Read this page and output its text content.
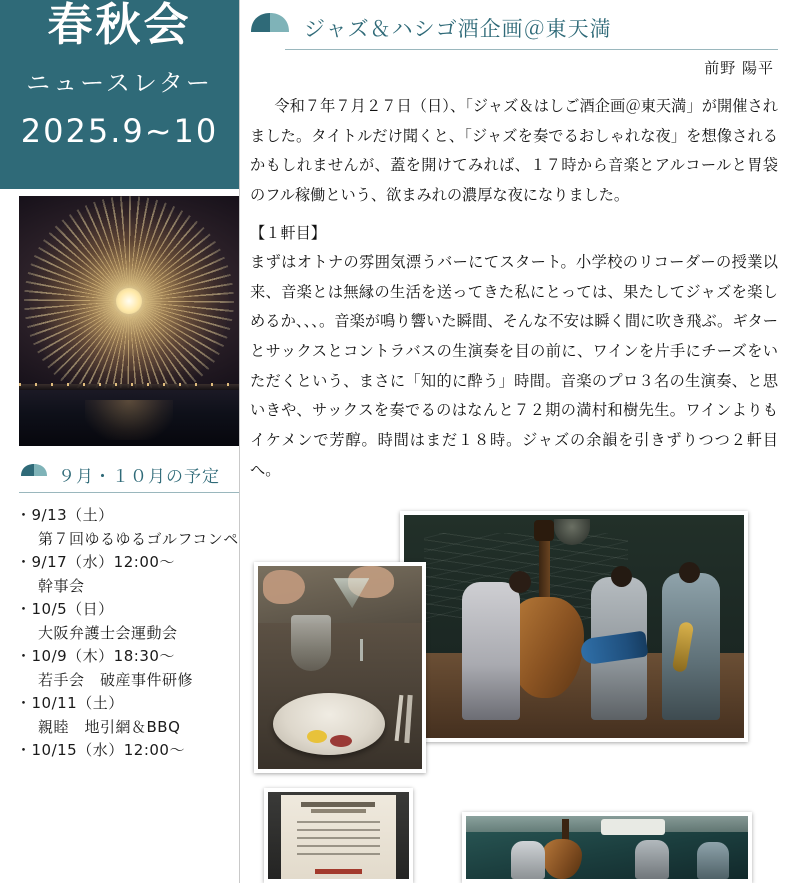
春秋会
ニュースレター
2025.9~10
９月・１０月の予定
・9/13（土）
第７回ゆるゆるゴルフコンペ
・9/17（水）12:00～
幹事会
・10/5（日）
大阪弁護士会運動会
・10/9（木）18:30～
若手会　破産事件研修
・10/11（土）
親睦　地引網＆BBQ
・10/15（水）12:00～
ジャズ＆ハシゴ酒企画＠東天満
前野 陽平

令和７年７月２７日（日）、「ジャズ＆はしご酒企画＠東天満」が開催されました。タイトルだけ聞くと、「ジャズを奏でるおしゃれな夜」を想像されるかもしれませんが、蓋を開けてみれば、１７時から音楽とアルコールと胃袋のフル稼働という、欲まみれの濃厚な夜になりました。

【１軒目】

まずはオトナの雰囲気漂うバーにてスタート。小学校のリコーダーの授業以来、音楽とは無縁の生活を送ってきた私にとっては、果たしてジャズを楽しめるか、、、。音楽が鳴り響いた瞬間、そんな不安は瞬く間に吹き飛ぶ。ギターとサックスとコントラバスの生演奏を目の前に、ワインを片手にチーズをいただくという、まさに「知的に酔う」時間。音楽のプロ３名の生演奏、と思いきや、サックスを奏でるのはなんと７２期の満村和樹先生。ワインよりもイケメンで芳醇。時間はまだ１８時。ジャズの余韻を引きずりつつ２軒目へ。
